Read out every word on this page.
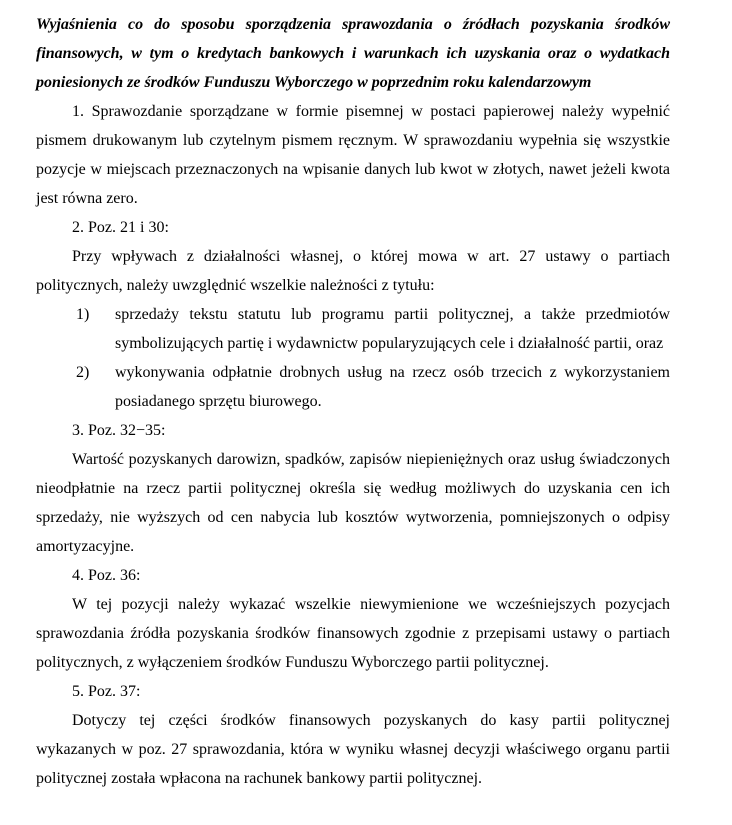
Wyjaśnienia co do sposobu sporządzenia sprawozdania o źródłach pozyskania środków finansowych, w tym o kredytach bankowych i warunkach ich uzyskania oraz o wydatkach poniesionych ze środków Funduszu Wyborczego w poprzednim roku kalendarzowym

1. Sprawozdanie sporządzane w formie pisemnej w postaci papierowej należy wypełnić pismem drukowanym lub czytelnym pismem ręcznym. W sprawozdaniu wypełnia się wszystkie pozycje w miejscach przeznaczonych na wpisanie danych lub kwot w złotych, nawet jeżeli kwota jest równa zero.

2. Poz. 21 i 30:

Przy wpływach z działalności własnej, o której mowa w art. 27 ustawy o partiach politycznych, należy uwzględnić wszelkie należności z tytułu:

1)	sprzedaży tekstu statutu lub programu partii politycznej, a także przedmiotów symbolizujących partię i wydawnictw popularyzujących cele i działalność partii, oraz
2)	wykonywania odpłatnie drobnych usług na rzecz osób trzecich z wykorzystaniem posiadanego sprzętu biurowego.

3. Poz. 32−35:

Wartość pozyskanych darowizn, spadków, zapisów niepieniężnych oraz usług świadczonych nieodpłatnie na rzecz partii politycznej określa się według możliwych do uzyskania cen ich sprzedaży, nie wyższych od cen nabycia lub kosztów wytworzenia, pomniejszonych o odpisy amortyzacyjne.

4. Poz. 36:

W tej pozycji należy wykazać wszelkie niewymienione we wcześniejszych pozycjach sprawozdania źródła pozyskania środków finansowych zgodnie z przepisami ustawy o partiach politycznych, z wyłączeniem środków Funduszu Wyborczego partii politycznej.

5. Poz. 37:

Dotyczy tej części środków finansowych pozyskanych do kasy partii politycznej wykazanych w poz. 27 sprawozdania, która w wyniku własnej decyzji właściwego organu partii politycznej została wpłacona na rachunek bankowy partii politycznej.
